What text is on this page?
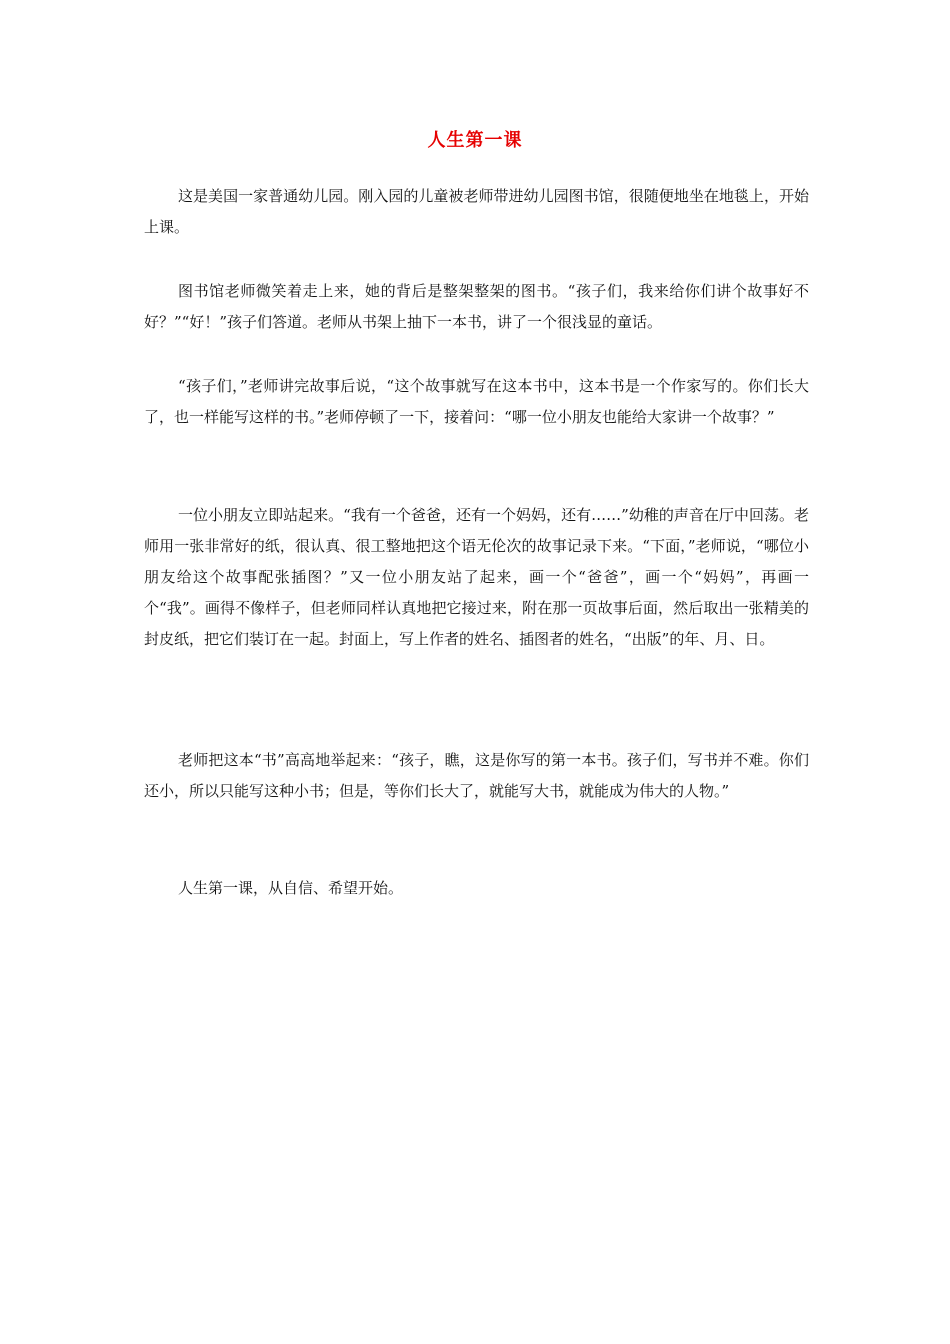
人生第一课

这是美国一家普通幼儿园。刚入园的儿童被老师带进幼儿园图书馆，很随便地坐在地毯上，开始上课。

图书馆老师微笑着走上来，她的背后是整架整架的图书。“孩子们，我来给你们讲个故事好不好？”“好！”孩子们答道。老师从书架上抽下一本书，讲了一个很浅显的童话。

“孩子们，”老师讲完故事后说，“这个故事就写在这本书中，这本书是一个作家写的。你们长大了，也一样能写这样的书。”老师停顿了一下，接着问：“哪一位小朋友也能给大家讲一个故事？”

一位小朋友立即站起来。“我有一个爸爸，还有一个妈妈，还有……”幼稚的声音在厅中回荡。老师用一张非常好的纸，很认真、很工整地把这个语无伦次的故事记录下来。“下面，”老师说，“哪位小朋友给这个故事配张插图？”又一位小朋友站了起来，画一个“爸爸”，画一个“妈妈”，再画一个“我”。画得不像样子，但老师同样认真地把它接过来，附在那一页故事后面，然后取出一张精美的封皮纸，把它们装订在一起。封面上，写上作者的姓名、插图者的姓名，“出版”的年、月、日。

老师把这本“书”高高地举起来：“孩子，瞧，这是你写的第一本书。孩子们，写书并不难。你们还小，所以只能写这种小书；但是，等你们长大了，就能写大书，就能成为伟大的人物。”

人生第一课，从自信、希望开始。
